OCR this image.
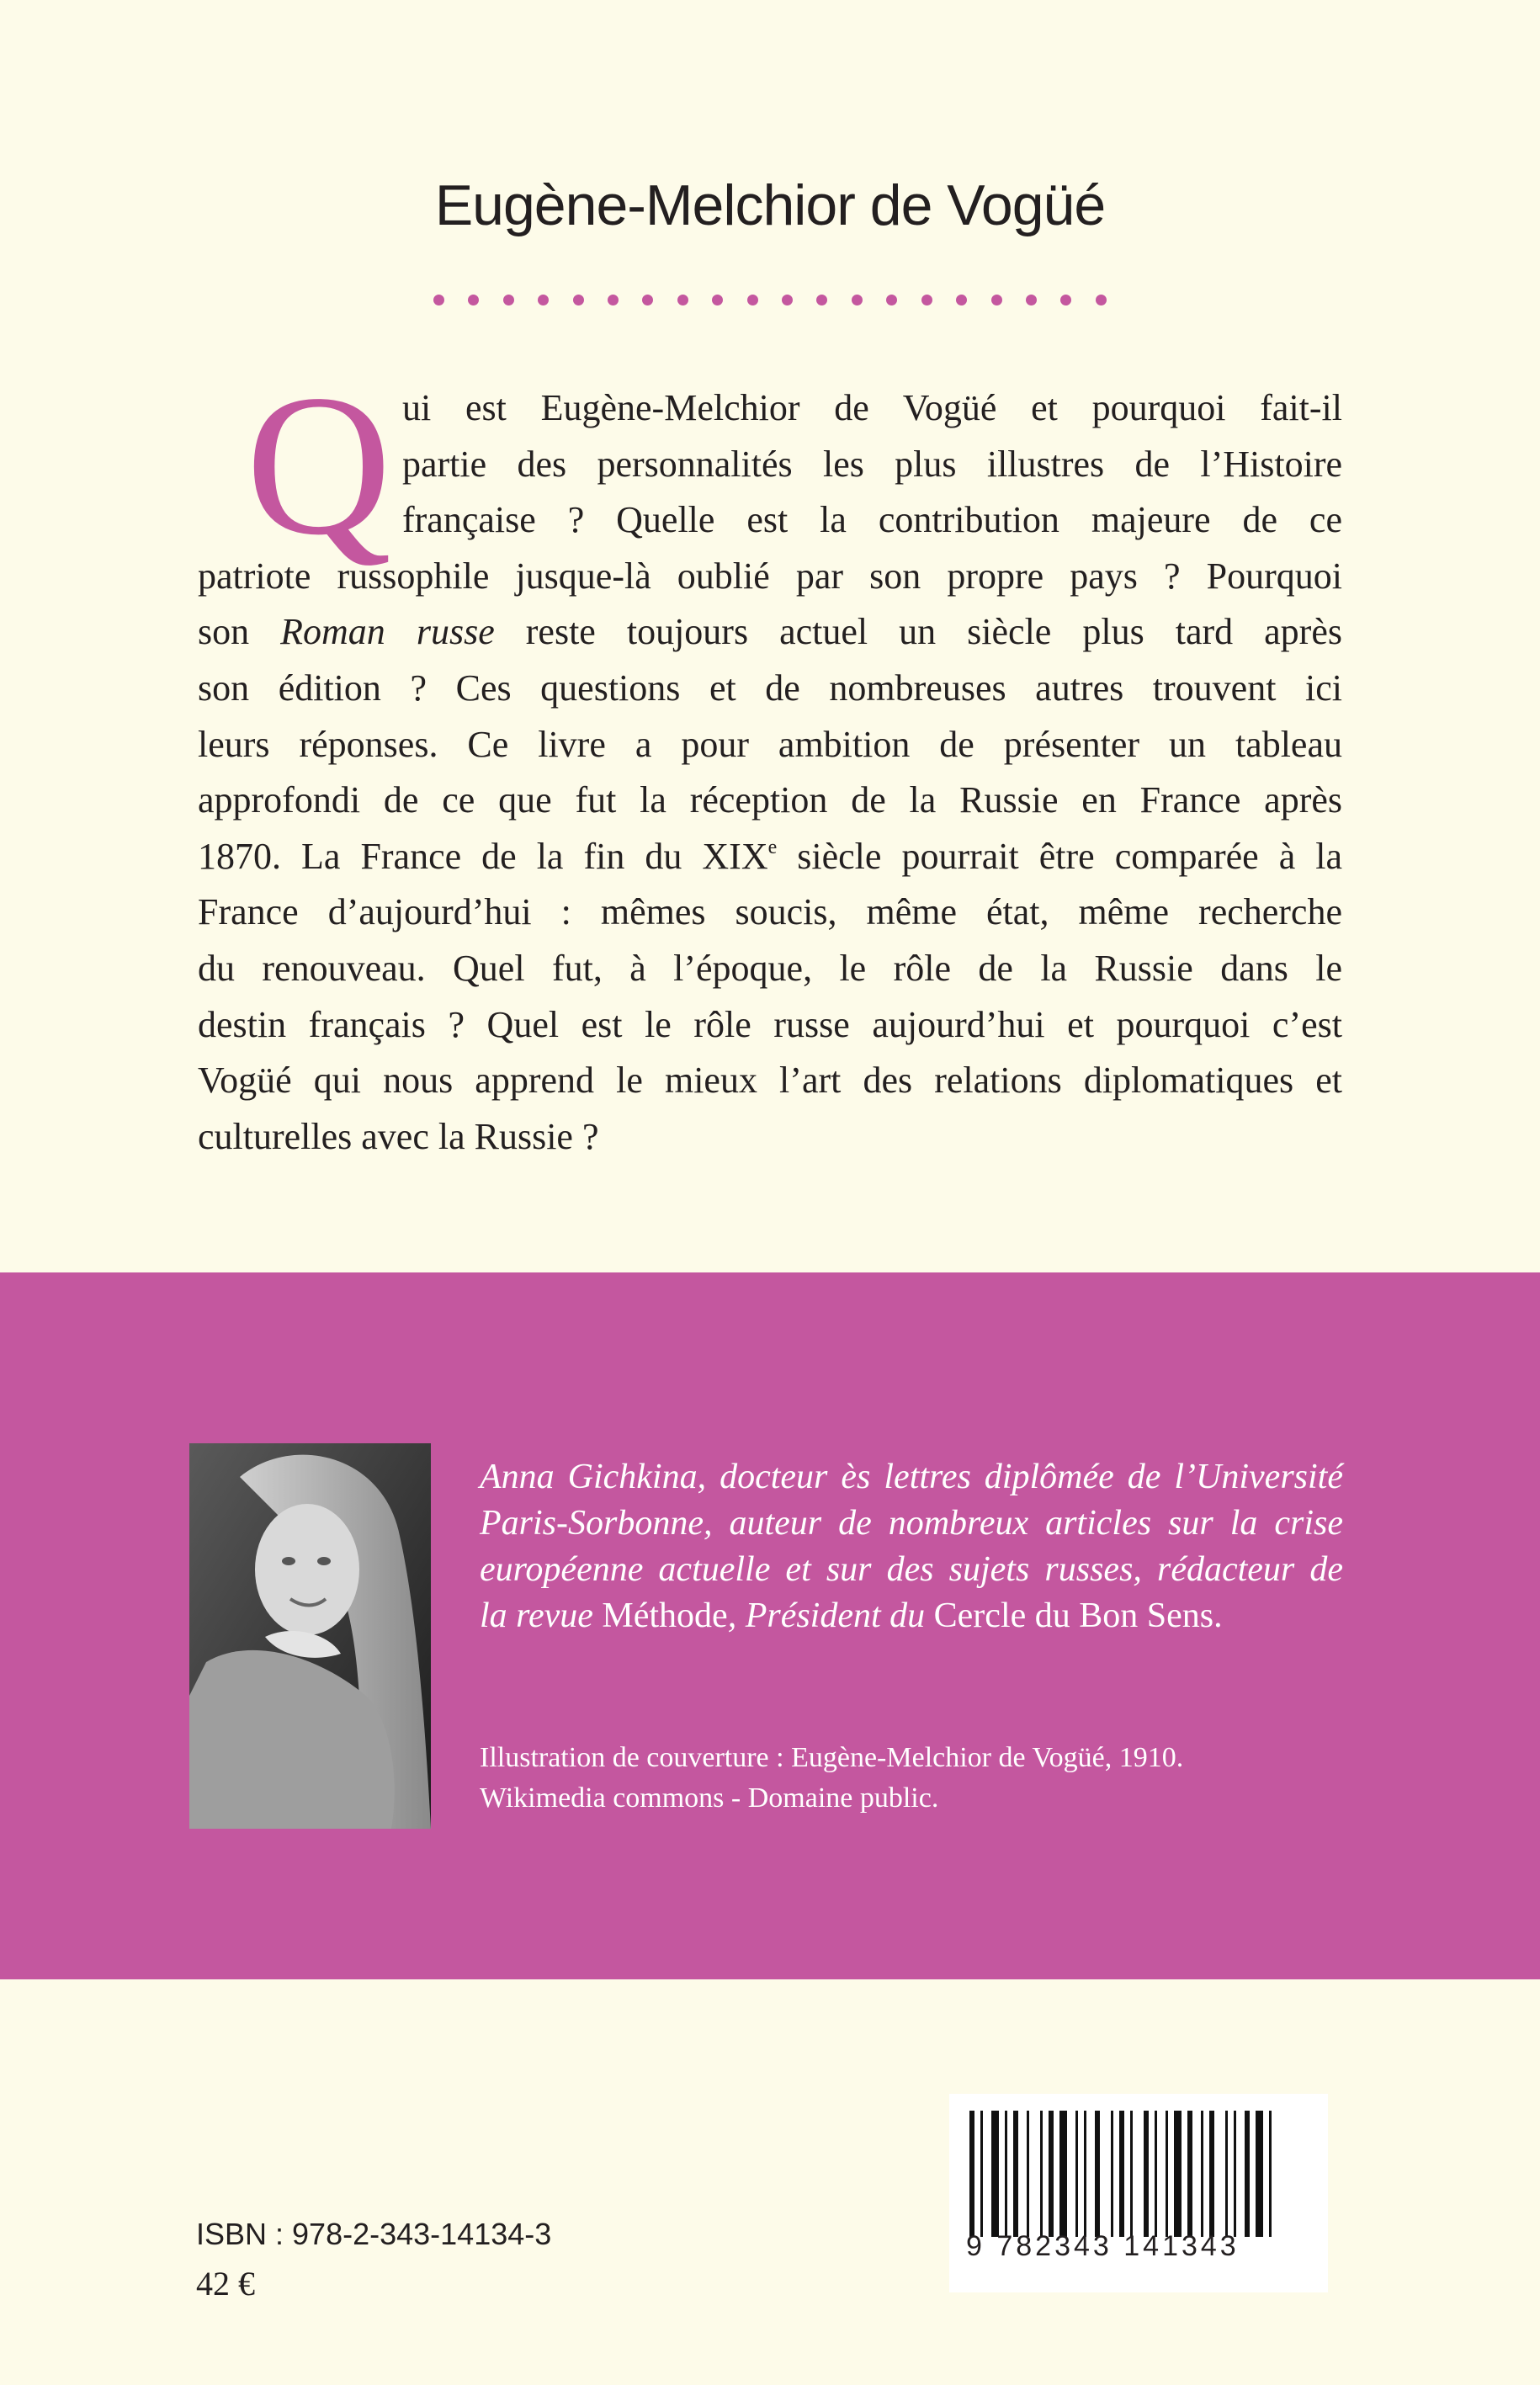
Eugène-Melchior de Vogüé
Q ui est Eugène-Melchior de Vogüé et pourquoi fait-il
partie des personnalités les plus illustres de l’Histoire
française ? Quelle est la contribution majeure de ce
patriote russophile jusque-là oublié par son propre pays ? Pourquoi
son Roman russe reste toujours actuel un siècle plus tard après
son édition ? Ces questions et de nombreuses autres trouvent ici
leurs réponses. Ce livre a pour ambition de présenter un tableau
approfondi de ce que fut la réception de la Russie en France après
1870. La France de la fin du XIXe siècle pourrait être comparée à la
France d’aujourd’hui : mêmes soucis, même état, même recherche
du renouveau. Quel fut, à l’époque, le rôle de la Russie dans le
destin français ? Quel est le rôle russe aujourd’hui et pourquoi c’est
Vogüé qui nous apprend le mieux l’art des relations diplomatiques et
culturelles avec la Russie ?

Anna Gichkina, docteur ès lettres diplômée de l’Université
Paris-Sorbonne, auteur de nombreux articles sur la crise
européenne actuelle et sur des sujets russes, rédacteur de
la revue Méthode, Président du Cercle du Bon Sens.

Illustration de couverture : Eugène-Melchior de Vogüé, 1910.
Wikimedia commons - Domaine public.
9 782343 141343
ISBN : 978-2-343-14134-3
42 €
